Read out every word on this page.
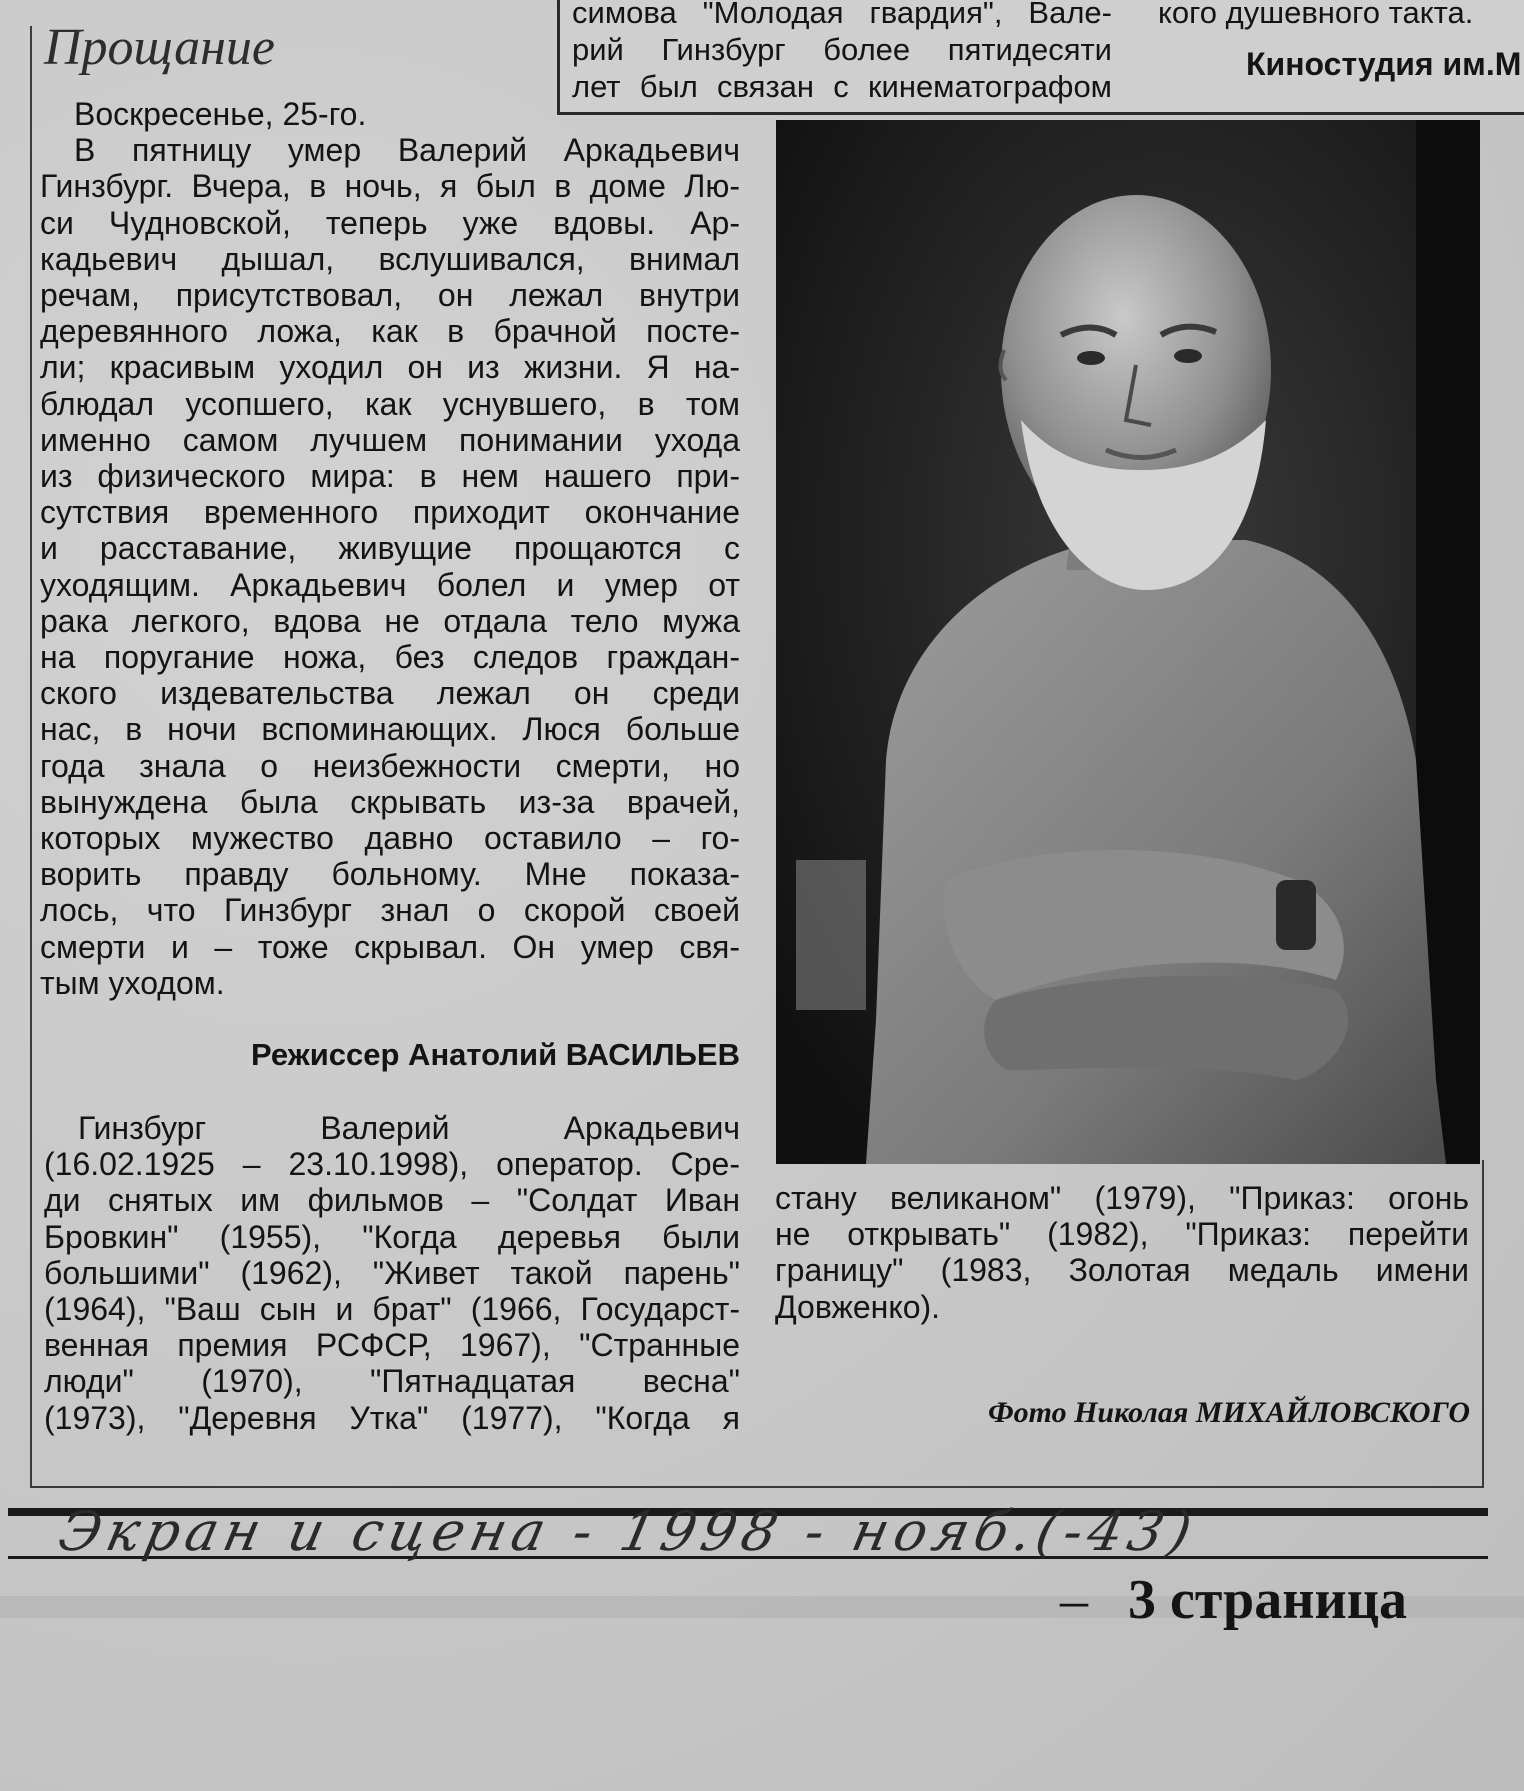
симова "Молодая гвардия", Вале-
рий Гинзбург более пятидесяти
лет был связан с кинематографом
кого душевного такта.
Киностудия им.М
Прощание
Воскресенье, 25-го.
В пятницу умер Валерий Аркадьевич
Гинзбург. Вчера, в ночь, я был в доме Лю-
си Чудновской, теперь уже вдовы. Ар-
кадьевич дышал, вслушивался, внимал
речам, присутствовал, он лежал внутри
деревянного ложа, как в брачной посте-
ли; красивым уходил он из жизни. Я на-
блюдал усопшего, как уснувшего, в том
именно самом лучшем понимании ухода
из физического мира: в нем нашего при-
сутствия временного приходит окончание
и расставание, живущие прощаются с
уходящим. Аркадьевич болел и умер от
рака легкого, вдова не отдала тело мужа
на поругание ножа, без следов граждан-
ского издевательства лежал он среди
нас, в ночи вспоминающих. Люся больше
года знала о неизбежности смерти, но
вынуждена была скрывать из-за врачей,
которых мужество давно оставило – го-
ворить правду больному. Мне показа-
лось, что Гинзбург знал о скорой своей
смерти и – тоже скрывал. Он умер свя-
тым уходом.
Режиссер Анатолий ВАСИЛЬЕВ
Гинзбург Валерий Аркадьевич
(16.02.1925 – 23.10.1998), оператор. Сре-
ди снятых им фильмов – "Солдат Иван
Бровкин" (1955), "Когда деревья были
большими" (1962), "Живет такой парень"
(1964), "Ваш сын и брат" (1966, Государст-
венная премия РСФСР, 1967), "Странные
люди" (1970), "Пятнадцатая весна"
(1973), "Деревня Утка" (1977), "Когда я
стану великаном" (1979), "Приказ: огонь
не открывать" (1982), "Приказ: перейти
границу" (1983, Золотая медаль имени
Довженко).
Фото Николая МИХАЙЛОВСКОГО
Экран и сцена - 1998 - нояб.(-43)
– 3 страница
